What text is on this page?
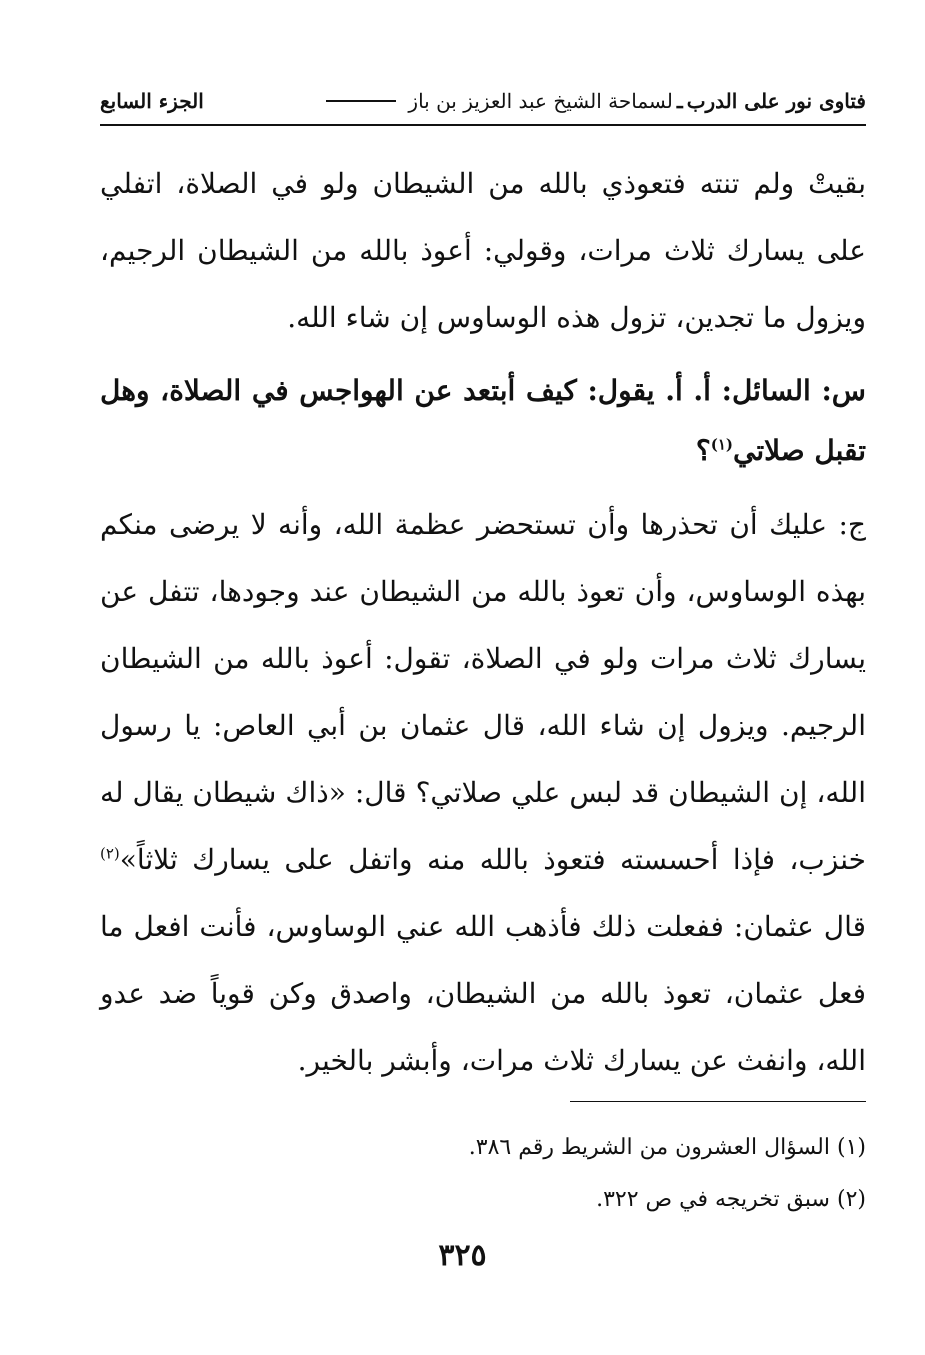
فتاوى نور على الدرب
ـ
لسماحة الشيخ عبد العزيز بن باز
الجزء السابع

بقيتْ ولم تنته فتعوذي بالله من الشيطان ولو في الصلاة، اتفلي على يسارك ثلاث مرات، وقولي: أعوذ بالله من الشيطان الرجيم، ويزول ما تجدين، تزول هذه الوساوس إن شاء الله.

س: السائل: أ. أ. يقول: كيف أبتعد عن الهواجس في الصلاة، وهل تقبل صلاتي$^{(١)}$؟

ج: عليك أن تحذرها وأن تستحضر عظمة الله، وأنه لا يرضى منكم بهذه الوساوس، وأن تعوذ بالله من الشيطان عند وجودها، تتفل عن يسارك ثلاث مرات ولو في الصلاة، تقول: أعوذ بالله من الشيطان الرجيم. ويزول إن شاء الله، قال عثمان بن أبي العاص: يا رسول الله، إن الشيطان قد لبس علي صلاتي؟ قال: «ذاك شيطان يقال له خنزب، فإذا أحسسته فتعوذ بالله منه واتفل على يسارك ثلاثاً»$^{(٢)}$ قال عثمان: ففعلت ذلك فأذهب الله عني الوساوس، فأنت افعل ما فعل عثمان، تعوذ بالله من الشيطان، واصدق وكن قوياً ضد عدو الله، وانفث عن يسارك ثلاث مرات، وأبشر بالخير.

(١) السؤال العشرون من الشريط رقم ٣٨٦.
(٢) سبق تخريجه في ص ٣٢٢.
٣٢٥
